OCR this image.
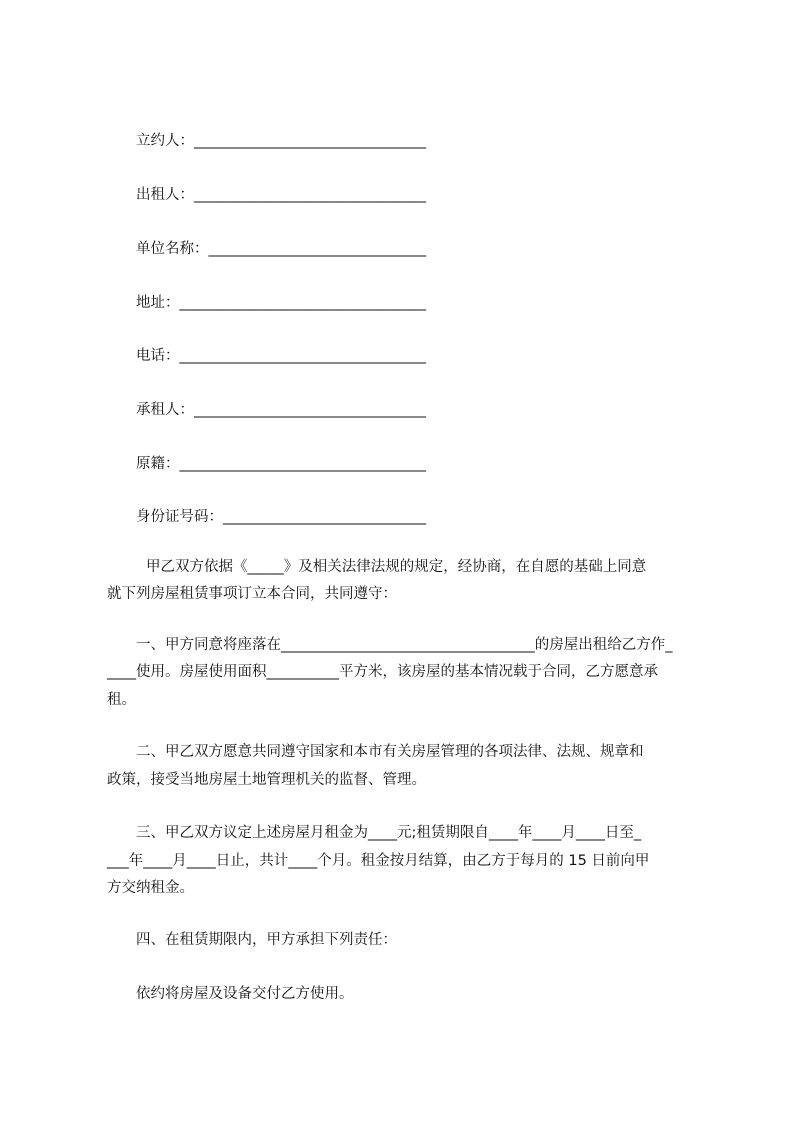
立约人：________________________________
出租人：________________________________
单位名称：______________________________
地址：__________________________________
电话：__________________________________
承租人：________________________________
原籍：__________________________________
身份证号码：____________________________
甲乙双方依据《_____》及相关法律法规的规定，经协商，在自愿的基础上同意
就下列房屋租赁事项订立本合同，共同遵守：
一、甲方同意将座落在___________________________________的房屋出租给乙方作_
____使用。房屋使用面积__________平方米，该房屋的基本情况载于合同，乙方愿意承
租。
二、甲乙双方愿意共同遵守国家和本市有关房屋管理的各项法律、法规、规章和
政策，接受当地房屋土地管理机关的监督、管理。
三、甲乙双方议定上述房屋月租金为____元;租赁期限自____年____月____日至_
___年____月____日止，共计____个月。租金按月结算，由乙方于每月的 15 日前向甲
方交纳租金。
四、在租赁期限内，甲方承担下列责任：
依约将房屋及设备交付乙方使用。
